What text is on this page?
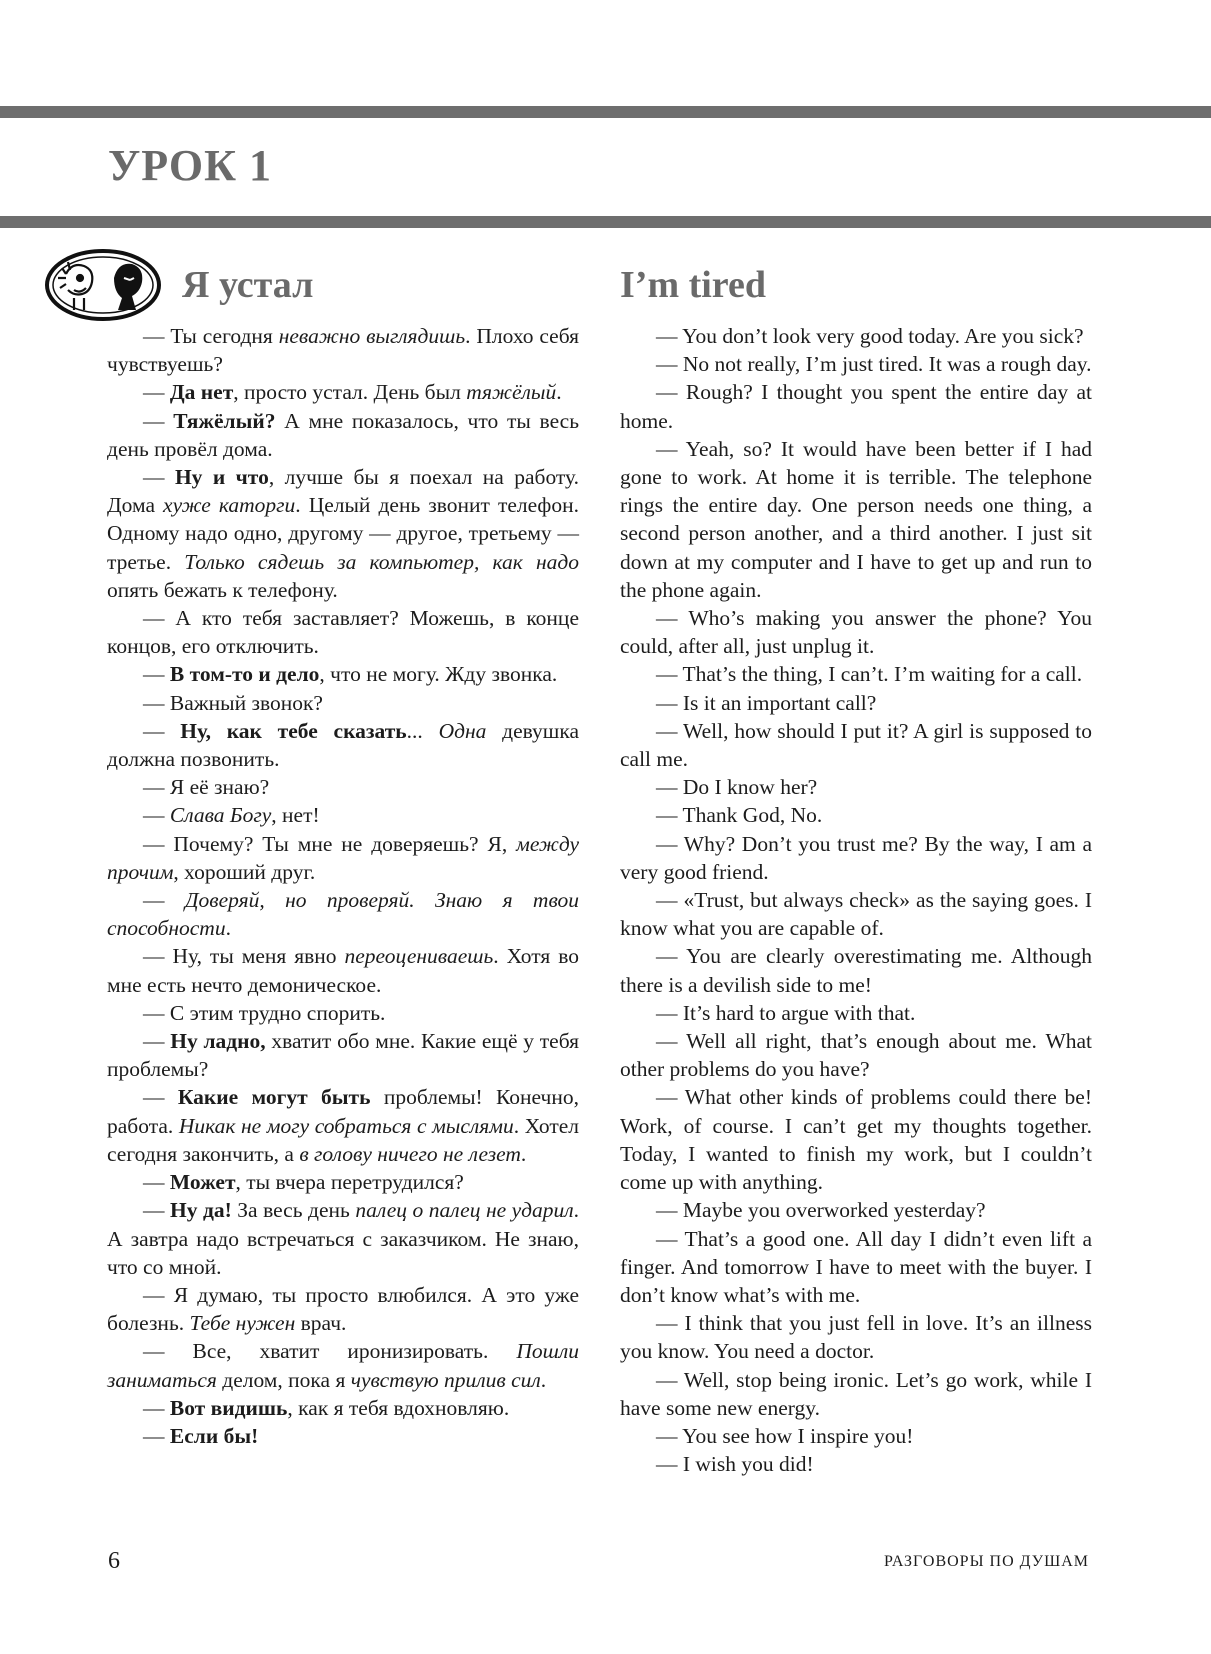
УРОК 1
Я устал	I’m tired

— Ты сегодня неважно выглядишь. Плохо себя чувствуешь?

— Да нет, просто устал. День был тяжёлый.

— Тяжёлый? А мне показалось, что ты весь день провёл дома.

— Ну и что, лучше бы я поехал на работу. Дома хуже каторги. Целый день звонит телефон. Одному надо одно, другому — другое, третьему — третье. Только сядешь за компьютер, как надо опять бежать к телефону.

— А кто тебя заставляет? Можешь, в конце концов, его отключить.

— В том-то и дело, что не могу. Жду звонка.

— Важный звонок?

— Ну, как тебе сказать... Одна девушка должна позвонить.

— Я её знаю?

— Слава Богу, нет!

— Почему? Ты мне не доверяешь? Я, между прочим, хороший друг.

— Доверяй, но проверяй. Знаю я твои способности.

— Ну, ты меня явно переоцениваешь. Хотя во мне есть нечто демоническое.

— С этим трудно спорить.

— Ну ладно, хватит обо мне. Какие ещё у тебя проблемы?

— Какие могут быть проблемы! Конечно, работа. Никак не могу собраться с мыслями. Хотел сегодня закончить, а в голову ничего не лезет.

— Может, ты вчера перетрудился?

— Ну да! За весь день палец о палец не ударил. А завтра надо встречаться с заказчиком. Не знаю, что со мной.

— Я думаю, ты просто влюбился. А это уже болезнь. Тебе нужен врач.

— Все, хватит иронизировать. Пошли заниматься делом, пока я чувствую прилив сил.

— Вот видишь, как я тебя вдохновляю.

— Если бы!

— You don’t look very good today. Are you sick?

— No not really, I’m just tired. It was a rough day.

— Rough? I thought you spent the entire day at home.

— Yeah, so? It would have been better if I had gone to work. At home it is terrible. The telephone rings the entire day. One person needs one thing, a second person another, and a third another. I just sit down at my computer and I have to get up and run to the phone again.

— Who’s making you answer the phone? You could, after all, just unplug it.

— That’s the thing, I can’t. I’m waiting for a call.

— Is it an important call?

— Well, how should I put it? A girl is supposed to call me.

— Do I know her?

— Thank God, No.

— Why? Don’t you trust me? By the way, I am a very good friend.

— «Trust, but always check» as the saying goes. I know what you are capable of.

— You are clearly overestimating me. Although there is a devilish side to me!

— It’s hard to argue with that.

— Well all right, that’s enough about me. What other problems do you have?

— What other kinds of problems could there be! Work, of course. I can’t get my thoughts together. Today, I wanted to finish my work, but I couldn’t come up with anything.

— Maybe you overworked yesterday?

— That’s a good one. All day I didn’t even lift a finger. And tomorrow I have to meet with the buyer. I don’t know what’s with me.

— I think that you just fell in love. It’s an illness you know. You need a doctor.

— Well, stop being ironic. Let’s go work, while I have some new energy.

— You see how I inspire you!

— I wish you did!

6	РАЗГОВОРЫ ПО ДУШАМ
